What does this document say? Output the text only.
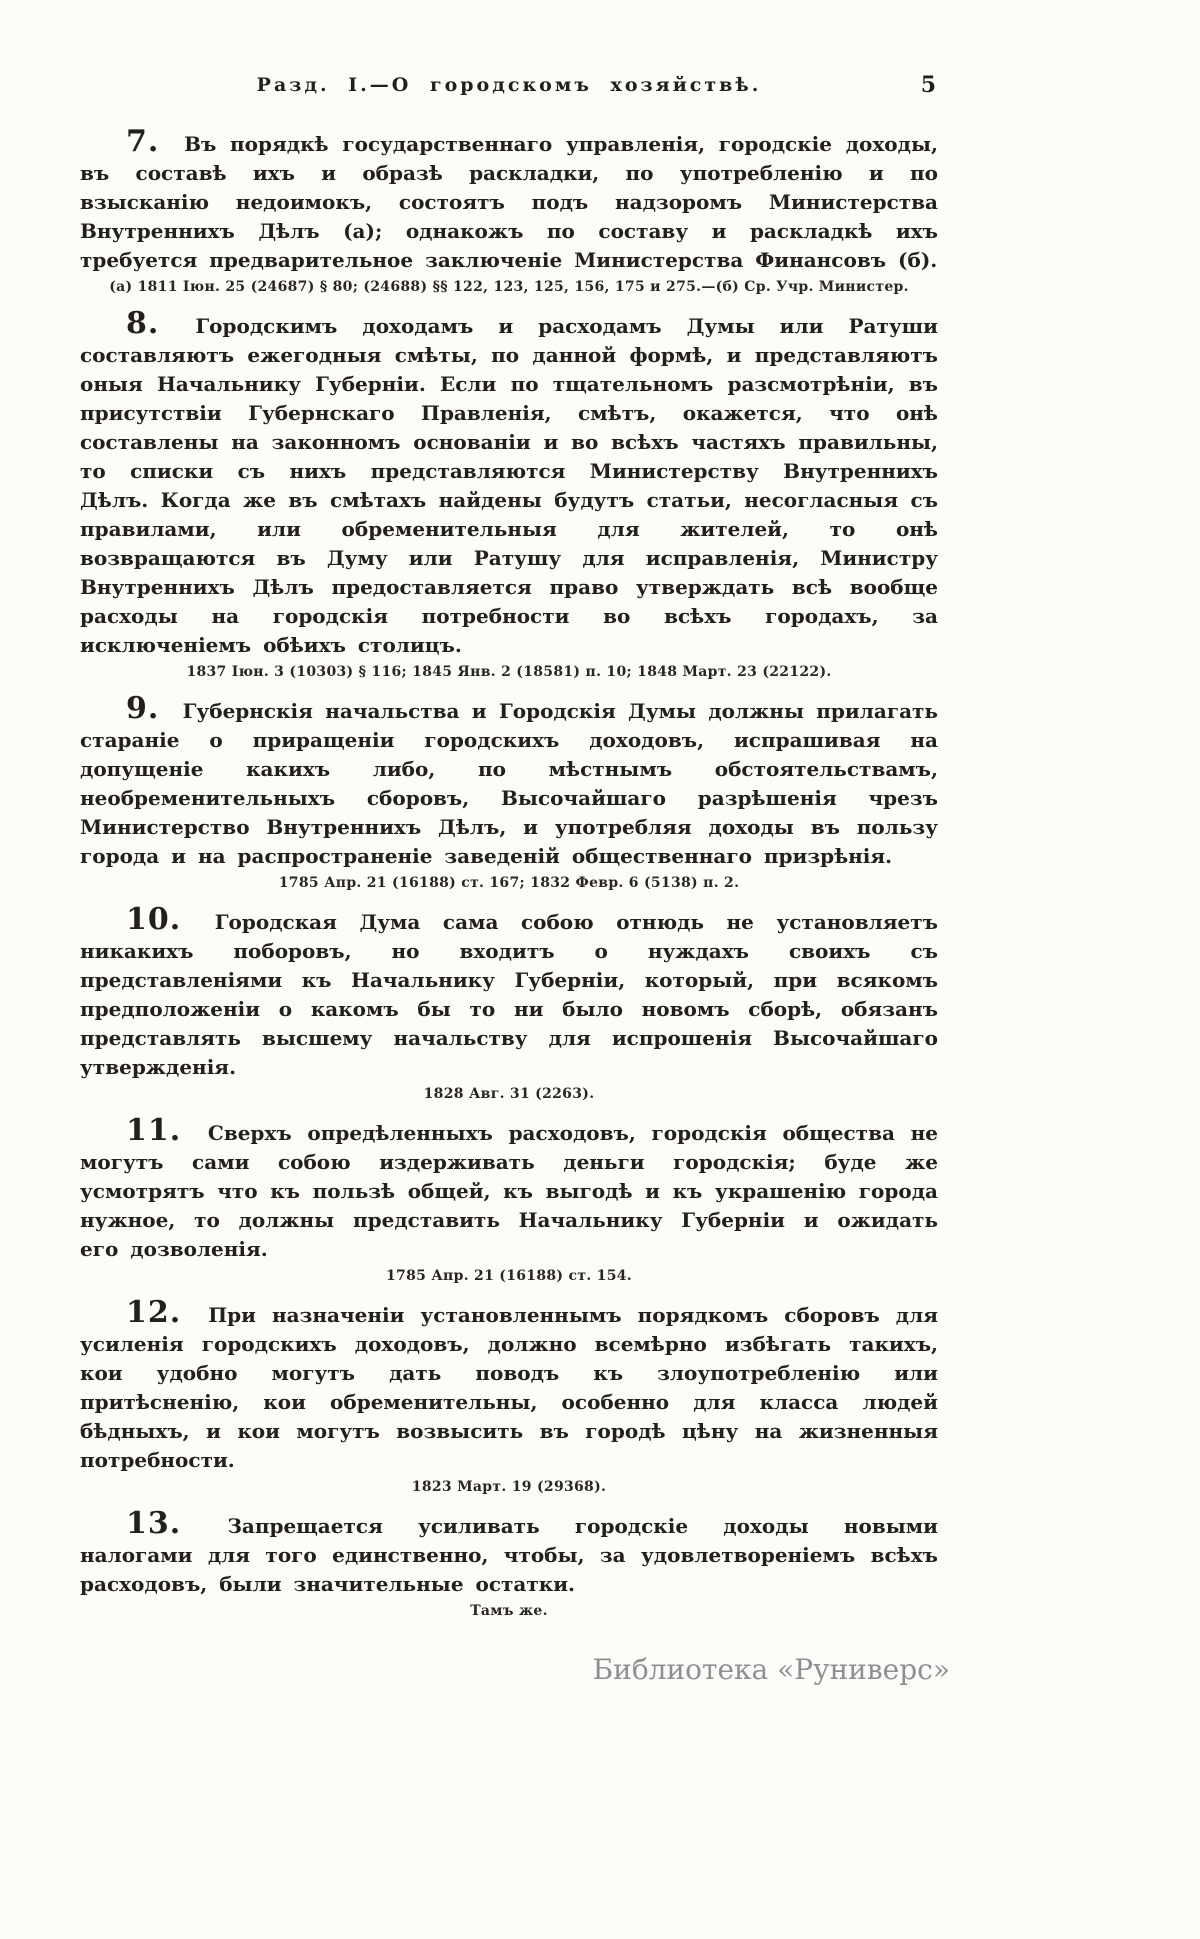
Разд. I.—О городскомъ хозяйствѣ.	5

7. Въ порядкѣ государственнаго управленія, городскіе доходы, въ составѣ ихъ и образѣ раскладки, по употребленію и по взысканію недоимокъ, состоятъ подъ надзоромъ Министерства Внутреннихъ Дѣлъ (а); однакожъ по составу и раскладкѣ ихъ требуется предварительное заключеніе Министерства Финансовъ (б).

(а) 1811 Іюн. 25 (24687) § 80; (24688) §§ 122, 123, 125, 156, 175 и 275.—(б) Ср. Учр. Министер.

8. Городскимъ доходамъ и расходамъ Думы или Ратуши составляютъ ежегодныя смѣты, по данной формѣ, и представляютъ оныя Начальнику Губерніи. Если по тщательномъ разсмотрѣніи, въ присутствіи Губернскаго Правленія, смѣтъ, окажется, что онѣ составлены на законномъ основаніи и во всѣхъ частяхъ правильны, то списки съ нихъ представляются Министерству Внутреннихъ Дѣлъ. Когда же въ смѣтахъ найдены будутъ статьи, несогласныя съ правилами, или обременительныя для жителей, то онѣ возвращаются въ Думу или Ратушу для исправленія, Министру Внутреннихъ Дѣлъ предоставляется право утверждать всѣ вообще расходы на городскія потребности во всѣхъ городахъ, за исключеніемъ обѣихъ столицъ.

1837 Іюн. 3 (10303) § 116; 1845 Янв. 2 (18581) п. 10; 1848 Март. 23 (22122).

9. Губернскія начальства и Городскія Думы должны прилагать стараніе о приращеніи городскихъ доходовъ, испрашивая на допущеніе какихъ либо, по мѣстнымъ обстоятельствамъ, необременительныхъ сборовъ, Высочайшаго разрѣшенія чрезъ Министерство Внутреннихъ Дѣлъ, и употребляя доходы въ пользу города и на распространеніе заведеній общественнаго призрѣнія.

1785 Апр. 21 (16188) ст. 167; 1832 Февр. 6 (5138) п. 2.

10. Городская Дума сама собою отнюдь не установляетъ никакихъ поборовъ, но входитъ о нуждахъ своихъ съ представленіями къ Начальнику Губерніи, который, при всякомъ предположеніи о какомъ бы то ни было новомъ сборѣ, обязанъ представлять высшему начальству для испрошенія Высочайшаго утвержденія.

1828 Авг. 31 (2263).

11. Сверхъ опредѣленныхъ расходовъ, городскія общества не могутъ сами собою издерживать деньги городскія; буде же усмотрятъ что къ пользѣ общей, къ выгодѣ и къ украшенію города нужное, то должны представить Начальнику Губерніи и ожидать его дозволенія.

1785 Апр. 21 (16188) ст. 154.

12. При назначеніи установленнымъ порядкомъ сборовъ для усиленія городскихъ доходовъ, должно всемѣрно избѣгать такихъ, кои удобно могутъ дать поводъ къ злоупотребленію или притѣсненію, кои обременительны, особенно для класса людей бѣдныхъ, и кои могутъ возвысить въ городѣ цѣну на жизненныя потребности.

1823 Март. 19 (29368).

13. Запрещается усиливать городскіе доходы новыми налогами для того единственно, чтобы, за удовлетвореніемъ всѣхъ расходовъ, были значительные остатки.

Тамъ же.

Библиотека «Руниверс»
